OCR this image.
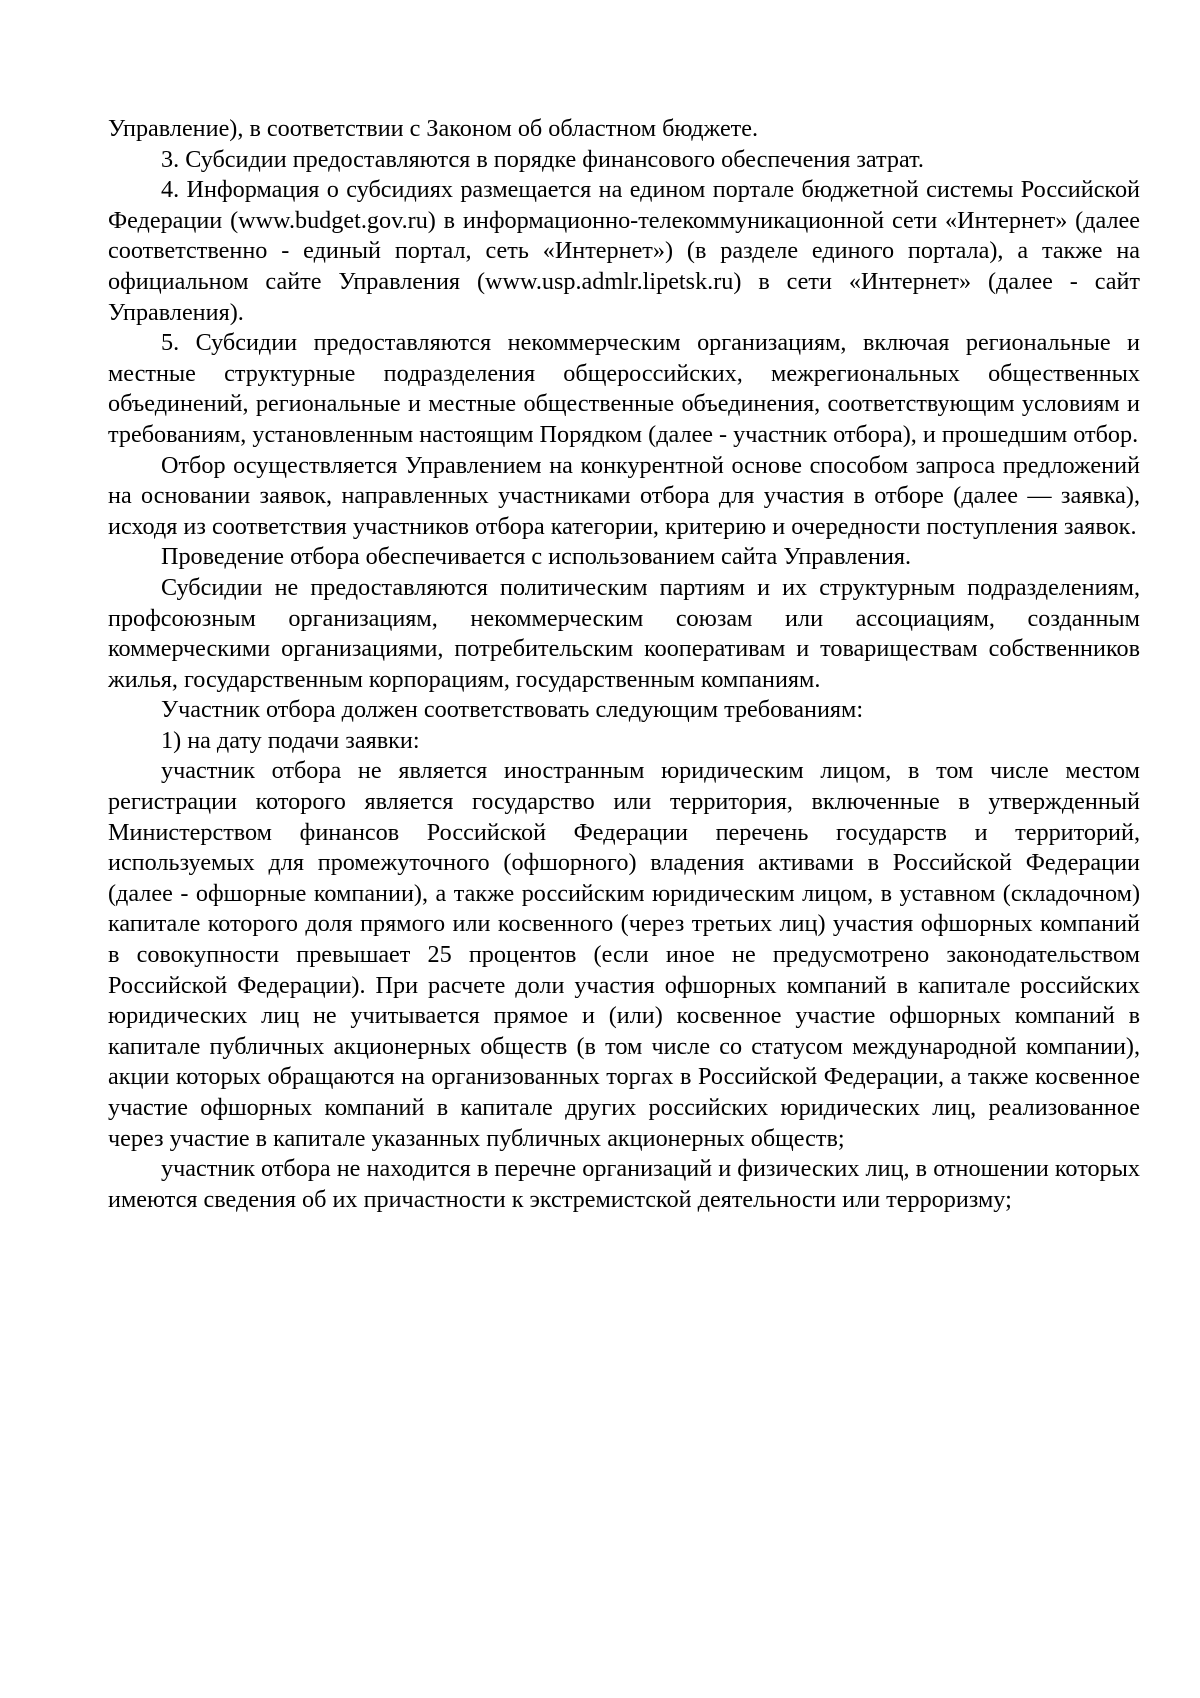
Управление), в соответствии с Законом об областном бюджете.

3. Субсидии предоставляются в порядке финансового обеспечения затрат.

4. Информация о субсидиях размещается на едином портале бюджетной системы Российской Федерации (www.budget.gov.ru) в информационно-телекоммуникационной сети «Интернет» (далее соответственно - единый портал, сеть «Интернет») (в разделе единого портала), а также на официальном сайте Управления (www.usp.admlr.lipetsk.ru) в сети «Интернет» (далее - сайт Управления).

5. Субсидии предоставляются некоммерческим организациям, включая региональные и местные структурные подразделения общероссийских, межрегиональных общественных объединений, региональные и местные общественные объединения, соответствующим условиям и требованиям, установленным настоящим Порядком (далее - участник отбора), и прошедшим отбор.

Отбор осуществляется Управлением на конкурентной основе способом запроса предложений на основании заявок, направленных участниками отбора для участия в отборе (далее — заявка), исходя из соответствия участников отбора категории, критерию и очередности поступления заявок.

Проведение отбора обеспечивается с использованием сайта Управления.

Субсидии не предоставляются политическим партиям и их структурным подразделениям, профсоюзным организациям, некоммерческим союзам или ассоциациям, созданным коммерческими организациями, потребительским кооперативам и товариществам собственников жилья, государственным корпорациям, государственным компаниям.

Участник отбора должен соответствовать следующим требованиям:

1) на дату подачи заявки:

участник отбора не является иностранным юридическим лицом, в том числе местом регистрации которого является государство или территория, включенные в утвержденный Министерством финансов Российской Федерации перечень государств и территорий, используемых для промежуточного (офшорного) владения активами в Российской Федерации (далее - офшорные компании), а также российским юридическим лицом, в уставном (складочном) капитале которого доля прямого или косвенного (через третьих лиц) участия офшорных компаний в совокупности превышает 25 процентов (если иное не предусмотрено законодательством Российской Федерации). При расчете доли участия офшорных компаний в капитале российских юридических лиц не учитывается прямое и (или) косвенное участие офшорных компаний в капитале публичных акционерных обществ (в том числе со статусом международной компании), акции которых обращаются на организованных торгах в Российской Федерации, а также косвенное участие офшорных компаний в капитале других российских юридических лиц, реализованное через участие в капитале указанных публичных акционерных обществ;

участник отбора не находится в перечне организаций и физических лиц, в отношении которых имеются сведения об их причастности к экстремистской деятельности или терроризму;
